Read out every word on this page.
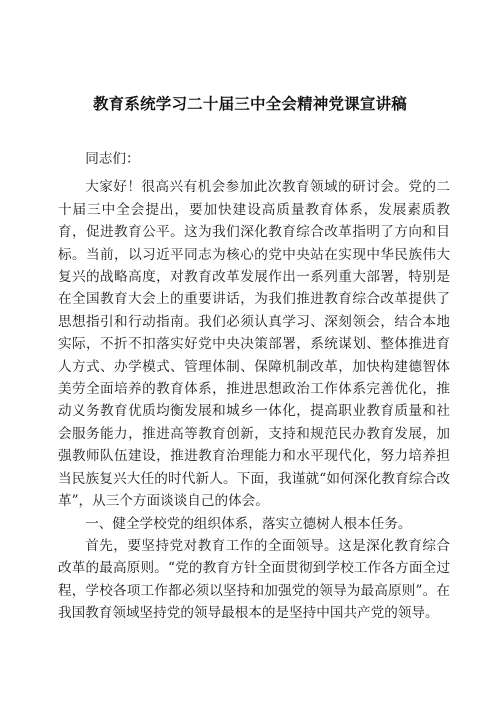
教育系统学习二十届三中全会精神党课宣讲稿

同志们：

大家好！很高兴有机会参加此次教育领域的研讨会。党的二十届三中全会提出，要加快建设高质量教育体系，发展素质教育，促进教育公平。这为我们深化教育综合改革指明了方向和目标。当前，以习近平同志为核心的党中央站在实现中华民族伟大复兴的战略高度，对教育改革发展作出一系列重大部署，特别是在全国教育大会上的重要讲话，为我们推进教育综合改革提供了思想指引和行动指南。我们必须认真学习、深刻领会，结合本地实际，不折不扣落实好党中央决策部署，系统谋划、整体推进育人方式、办学模式、管理体制、保障机制改革，加快构建德智体美劳全面培养的教育体系，推进思想政治工作体系完善优化，推动义务教育优质均衡发展和城乡一体化，提高职业教育质量和社会服务能力，推进高等教育创新，支持和规范民办教育发展，加强教师队伍建设，推进教育治理能力和水平现代化，努力培养担当民族复兴大任的时代新人。下面，我谨就“如何深化教育综合改革”，从三个方面谈谈自己的体会。

一、健全学校党的组织体系，落实立德树人根本任务。

首先，要坚持党对教育工作的全面领导。这是深化教育综合改革的最高原则。“党的教育方针全面贯彻到学校工作各方面全过程，学校各项工作都必须以坚持和加强党的领导为最高原则”。在我国教育领域坚持党的领导最根本的是坚持中国共产党的领导。
